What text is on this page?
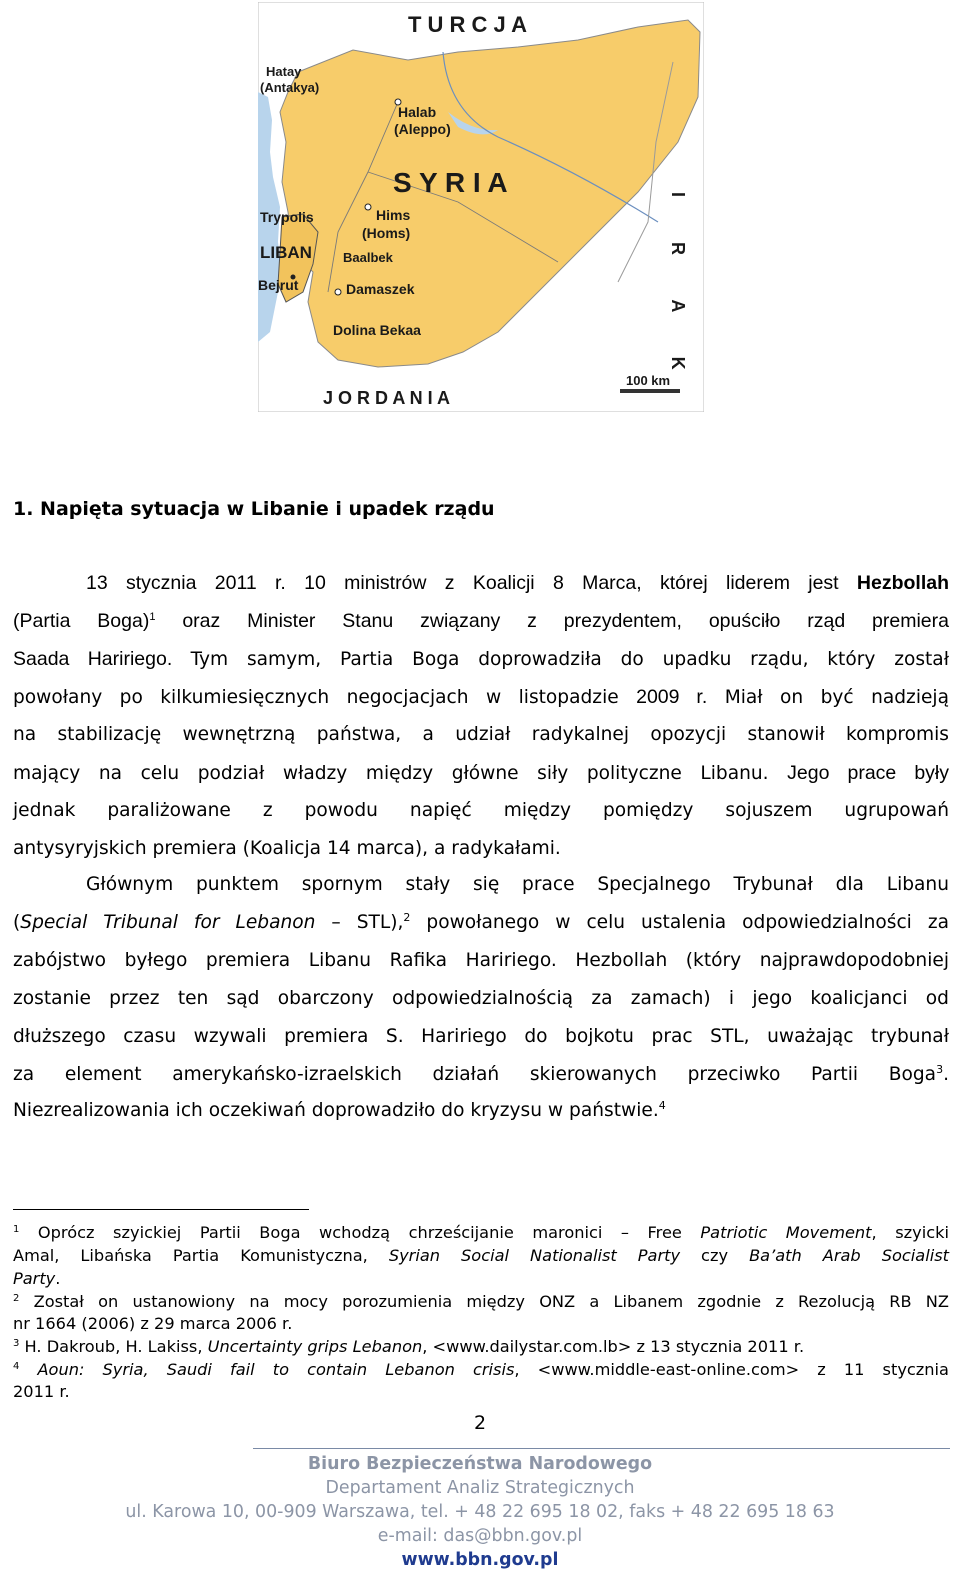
T U R C J A
Hatay
(Antakya)
Halab
(Aleppo)
S Y R I A
I R A K
Trypolis	Hims
(Homs)
LIBAN Baalbek
Bejrut	Damaszek
Dolina Bekaa
J O R D A N I A
100 km
1. Napięta sytuacja w Libanie i upadek rządu
13 stycznia 2011 r. 10 ministrów z Koalicji 8 Marca, której liderem jest Hezbollah
(Partia Boga)$^1$ oraz Minister Stanu związany z prezydentem, opuściło rząd premiera
Saada Haririego. Tym samym, Partia Boga doprowadziła do upadku rządu, który został
powołany po kilkumiesięcznych negocjacjach w listopadzie 2009 r. Miał on być nadzieją
na stabilizację wewnętrzną państwa, a udział radykalnej opozycji stanowił kompromis
mający na celu podział władzy między główne siły polityczne Libanu. Jego prace były
jednak paraliżowane z powodu napięć między pomiędzy sojuszem ugrupowań
antysyryjskich premiera (Koalicja 14 marca), a radykałami.
Głównym punktem spornym stały się prace Specjalnego Trybunał dla Libanu
(Special Tribunal for Lebanon – STL),$^2$ powołanego w celu ustalenia odpowiedzialności za
zabójstwo byłego premiera Libanu Rafika Haririego. Hezbollah (który najprawdopodobniej
zostanie przez ten sąd obarczony odpowiedzialnością za zamach) i jego koalicjanci od
dłuższego czasu wzywali premiera S. Haririego do bojkotu prac STL, uważając trybunał
za element amerykańsko-izraelskich działań skierowanych przeciwko Partii Boga$^3$.
Niezrealizowania ich oczekiwań doprowadziło do kryzysu w państwie.$^4$
$^1$ Oprócz szyickiej Partii Boga wchodzą chrześcijanie maronici – Free Patriotic Movement, szyicki
Amal, Libańska Partia Komunistyczna, Syrian Social Nationalist Party czy Ba’ath Arab Socialist
Party.
$^2$ Został on ustanowiony na mocy porozumienia między ONZ a Libanem zgodnie z Rezolucją RB NZ
nr 1664 (2006) z 29 marca 2006 r.
$^3$ H. Dakroub, H. Lakiss, Uncertainty grips Lebanon, <www.dailystar.com.lb> z 13 stycznia 2011 r.
$^4$ Aoun: Syria, Saudi fail to contain Lebanon crisis, <www.middle-east-online.com> z 11 stycznia
2011 r.
2
Biuro Bezpieczeństwa Narodowego
Departament Analiz Strategicznych
ul. Karowa 10, 00-909 Warszawa, tel. + 48 22 695 18 02, faks + 48 22 695 18 63
e-mail: das@bbn.gov.pl
www.bbn.gov.pl
